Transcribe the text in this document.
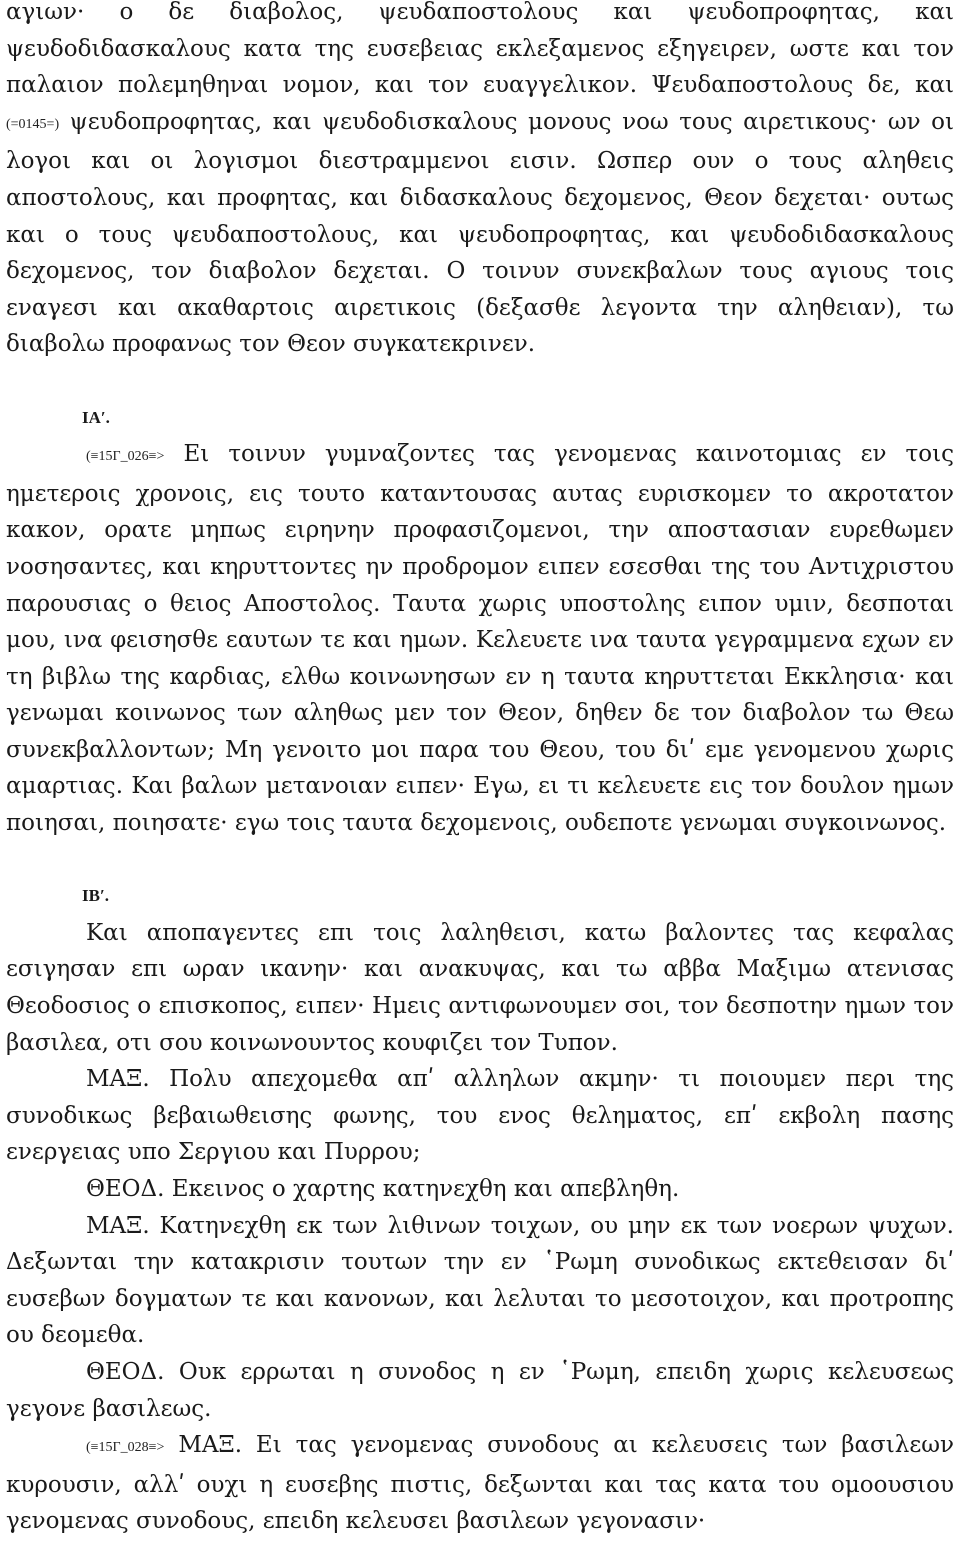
αγιων· ο δε διαβολος, ψευδαποστολους και ψευδοπροφητας, και ψευδοδιδασκαλους κατα της ευσεβειας εκλεξαμενος εξηγειρεν, ωστε και τον παλαιον πολεμηθηναι νομον, και τον ευαγγελικον. Ψευδαποστολους δε, και (=0145=) ψευδοπροφητας, και ψευδοδισκαλους μονους νοω τους αιρετικους· ων οι λογοι και οι λογισμοι διεστραμμενοι εισιν. Ωσπερ ουν ο τους αληθεις αποστολους, και προφητας, και διδασκαλους δεχομενος, Θεον δεχεται· ουτως και ο τους ψευδαποστολους, και ψευδοπροφητας, και ψευδοδιδασκαλους δεχομενος, τον διαβολον δεχεται. Ο τοινυν συνεκβαλων τους αγιους τοις εναγεσι και ακαθαρτοις αιρετικοις (δεξασθε λεγοντα την αληθειαν), τω διαβολω προφανως τον Θεον συγκατεκρινεν.

ΙΑʹ.

(≡15Γ_026≡> Ει τοινυν γυμναζοντες τας γενομενας καινοτομιας εν τοις ημετεροις χρονοις, εις τουτο καταντουσας αυτας ευρισκομεν το ακροτατον κακον, ορατε μηπως ειρηνην προφασιζομενοι, την αποστασιαν ευρεθωμεν νοσησαντες, και κηρυττοντες ην προδρομον ειπεν εσεσθαι της του Αντιχριστου παρουσιας ο θειος Αποστολος. Ταυτα χωρις υποστολης ειπον υμιν, δεσποται μου, ινα φεισησθε εαυτων τε και ημων. Κελευετε ινα ταυτα γεγραμμενα εχων εν τη βιβλω της καρδιας, ελθω κοινωνησων εν η ταυτα κηρυττεται Εκκλησια· και γενωμαι κοινωνος των αληθως μεν τον Θεον, δηθεν δε τον διαβολον τω Θεω συνεκβαλλοντων; Μη γενοιτο μοι παρα του Θεου, του διʹ εμε γενομενου χωρις αμαρτιας. Και βαλων μετανοιαν ειπεν· Εγω, ει τι κελευετε εις τον δουλον ημων ποιησαι, ποιησατε· εγω τοις ταυτα δεχομενοις, ουδεποτε γενωμαι συγκοινωνος.

ΙΒʹ.

Και αποπαγεντες επι τοις λαληθεισι, κατω βαλοντες τας κεφαλας εσιγησαν επι ωραν ικανην· και ανακυψας, και τω αββα Μαξιμω ατενισας Θεοδοσιος ο επισκοπος, ειπεν· Ημεις αντιφωνουμεν σοι, τον δεσποτην ημων τον βασιλεα, οτι σου κοινωνουντος κουφιζει τον Τυπον.

ΜΑΞ. Πολυ απεχομεθα απʹ αλληλων ακμην· τι ποιουμεν περι της συνοδικως βεβαιωθεισης φωνης, του ενος θεληματος, επʹ εκβολη πασης ενεργειας υπο Σεργιου και Πυρρου;

ΘΕΟΔ. Εκεινος ο χαρτης κατηνεχθη και απεβληθη.

ΜΑΞ. Κατηνεχθη εκ των λιθινων τοιχων, ου μην εκ των νοερων ψυχων. Δεξωνται την κατακρισιν τουτων την εν ῾Ρωμη συνοδικως εκτεθεισαν διʹ ευσεβων δογματων τε και κανονων, και λελυται το μεσοτοιχον, και προτροπης ου δεομεθα.

ΘΕΟΔ. Ουκ ερρωται η συνοδος η εν ῾Ρωμη, επειδη χωρις κελευσεως γεγονε βασιλεως.

(≡15Γ_028≡> ΜΑΞ. Ει τας γενομενας συνοδους αι κελευσεις των βασιλεων κυρουσιν, αλλʹ ουχι η ευσεβης πιστις, δεξωνται και τας κατα του ομοουσιου γενομενας συνοδους, επειδη κελευσει βασιλεων γεγονασιν·
